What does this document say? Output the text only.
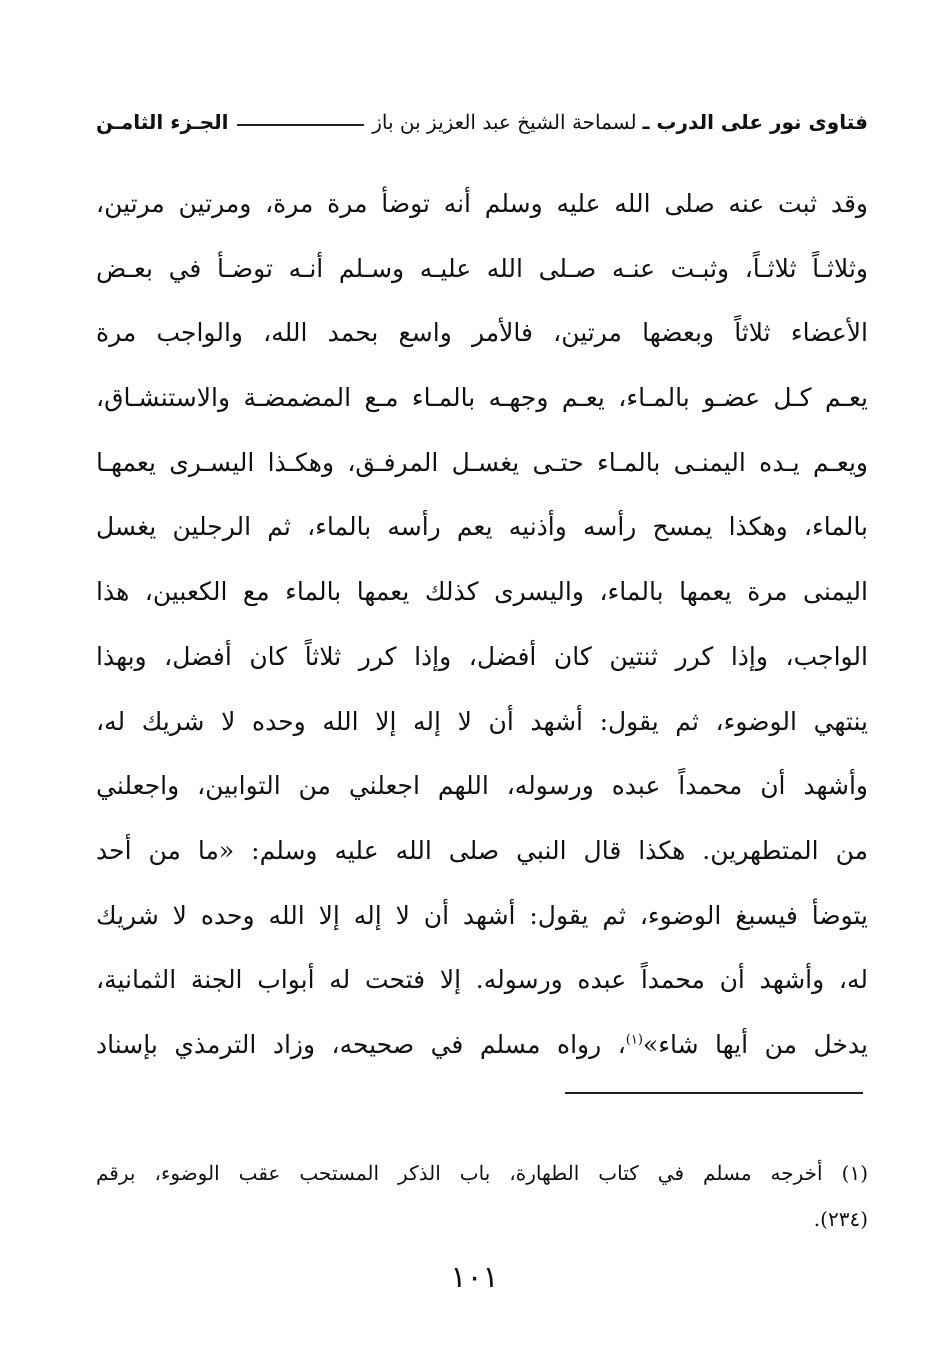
فتاوى نور على الدرب ـ
لسماحة الشيخ عبد العزيز بن باز
الجـزء الثامـن
وقد ثبت عنه صلى الله عليه وسلم أنه توضأ مرة مرة، ومرتين مرتين،
وثلاثـاً ثلاثـاً، وثبـت عنـه صـلى الله عليـه وسـلم أنـه توضـأ في بعـض
الأعضاء ثلاثاً وبعضها مرتين، فالأمر واسع بحمد الله، والواجب مرة
يعـم كـل عضـو بالمـاء، يعـم وجهـه بالمـاء مـع المضمضـة والاستنشـاق،
ويعـم يـده اليمنـى بالمـاء حتـى يغسـل المرفـق، وهكـذا اليسـرى يعمهـا
بالماء، وهكذا يمسح رأسه وأذنيه يعم رأسه بالماء، ثم الرجلين يغسل
اليمنى مرة يعمها بالماء، واليسرى كذلك يعمها بالماء مع الكعبين، هذا
الواجب، وإذا كرر ثنتين كان أفضل، وإذا كرر ثلاثاً كان أفضل، وبهذا
ينتهي الوضوء، ثم يقول: أشهد أن لا إله إلا الله وحده لا شريك له،
وأشهد أن محمداً عبده ورسوله، اللهم اجعلني من التوابين، واجعلني
من المتطهرين. هكذا قال النبي صلى الله عليه وسلم: «ما من أحد
يتوضأ فيسبغ الوضوء، ثم يقول: أشهد أن لا إله إلا الله وحده لا شريك
له، وأشهد أن محمداً عبده ورسوله. إلا فتحت له أبواب الجنة الثمانية،
يدخل من أيها شاء»$^{(١)}$، رواه مسلم في صحيحه، وزاد الترمذي بإسناد
(١) أخرجه مسلم في كتاب الطهارة، باب الذكر المستحب عقب الوضوء، برقم
(٢٣٤).
١٠١
